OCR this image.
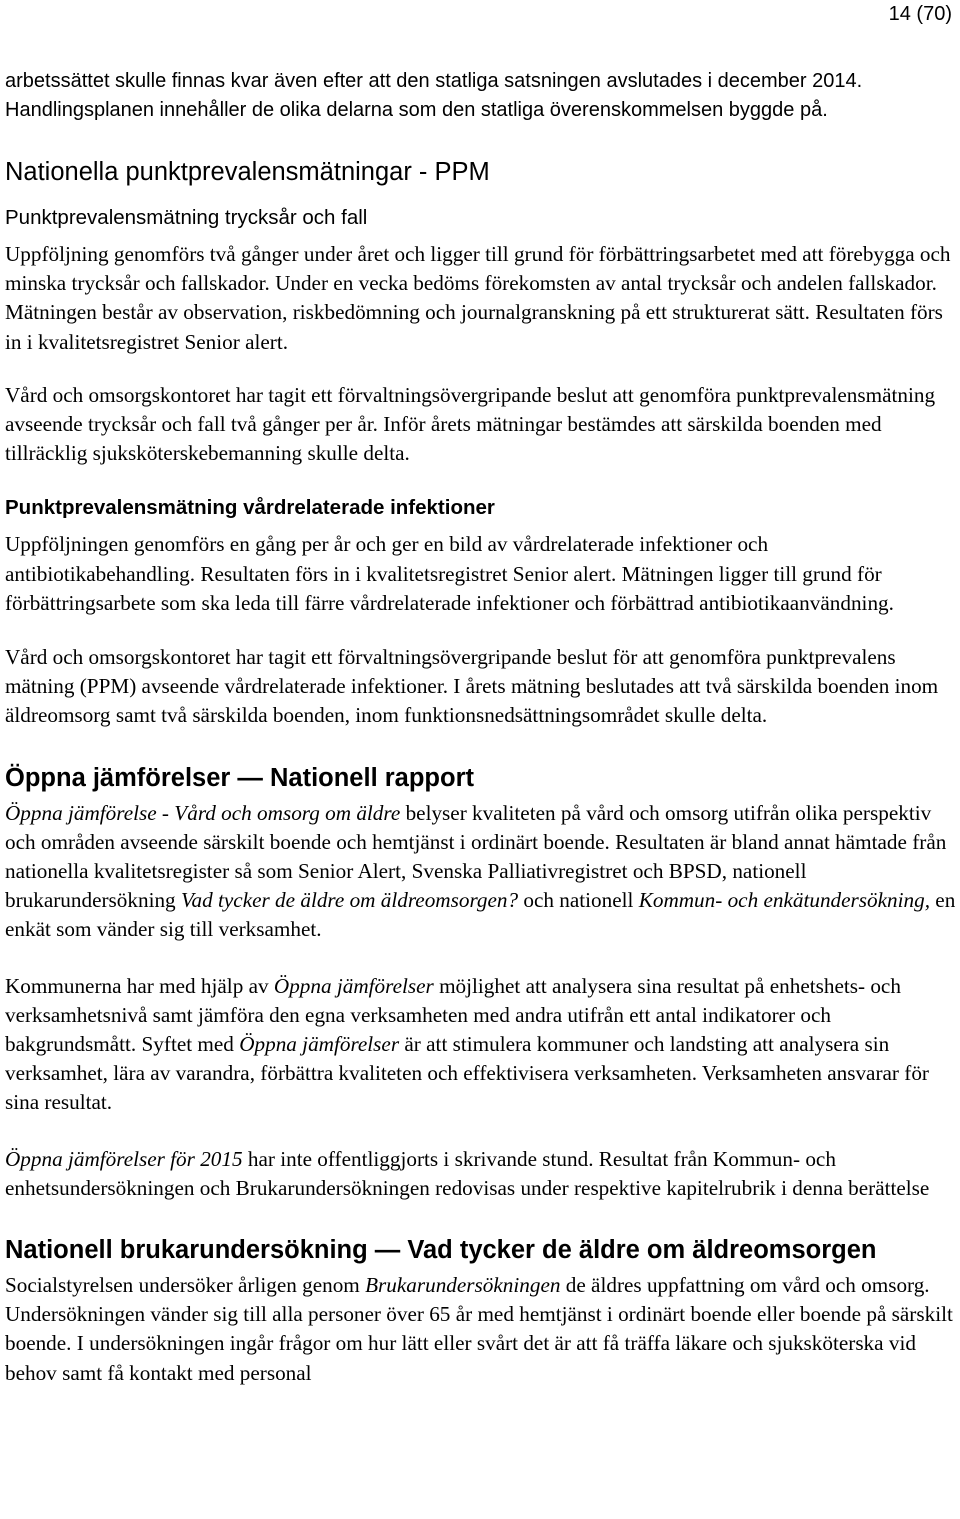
14 (70)

arbetssättet skulle finnas kvar även efter att den statliga satsningen avslutades i december 2014. Handlingsplanen innehåller de olika delarna som den statliga överenskommelsen byggde på.

Nationella punktprevalensmätningar - PPM
Punktprevalensmätning trycksår och fall

Uppföljning genomförs två gånger under året och ligger till grund för förbättringsarbetet med att förebygga och minska trycksår och fallskador. Under en vecka bedöms förekomsten av antal trycksår och andelen fallskador. Mätningen består av observation, riskbedömning och journalgranskning på ett strukturerat sätt. Resultaten förs in i kvalitetsregistret Senior alert.

Vård och omsorgskontoret har tagit ett förvaltningsövergripande beslut att genomföra punktprevalensmätning avseende trycksår och fall två gånger per år. Inför årets mätningar bestämdes att särskilda boenden med tillräcklig sjuksköterskebemanning skulle delta.

Punktprevalensmätning vårdrelaterade infektioner

Uppföljningen genomförs en gång per år och ger en bild av vårdrelaterade infektioner och antibiotikabehandling. Resultaten förs in i kvalitetsregistret Senior alert. Mätningen ligger till grund för förbättringsarbete som ska leda till färre vårdrelaterade infektioner och förbättrad antibiotikaanvändning.

Vård och omsorgskontoret har tagit ett förvaltningsövergripande beslut för att genomföra punktprevalens mätning (PPM) avseende vårdrelaterade infektioner. I årets mätning beslutades att två särskilda boenden inom äldreomsorg samt två särskilda boenden, inom funktionsnedsättningsområdet skulle delta.

Öppna jämförelser — Nationell rapport

Öppna jämförelse - Vård och omsorg om äldre belyser kvaliteten på vård och omsorg utifrån olika perspektiv och områden avseende särskilt boende och hemtjänst i ordinärt boende. Resultaten är bland annat hämtade från nationella kvalitetsregister så som Senior Alert, Svenska Palliativregistret och BPSD, nationell brukarundersökning Vad tycker de äldre om äldreomsorgen? och nationell Kommun- och enkätundersökning, en enkät som vänder sig till verksamhet.

Kommunerna har med hjälp av Öppna jämförelser möjlighet att analysera sina resultat på enhetshets- och verksamhetsnivå samt jämföra den egna verksamheten med andra utifrån ett antal indikatorer och bakgrundsmått. Syftet med Öppna jämförelser är att stimulera kommuner och landsting att analysera sin verksamhet, lära av varandra, förbättra kvaliteten och effektivisera verksamheten. Verksamheten ansvarar för sina resultat.

Öppna jämförelser för 2015 har inte offentliggjorts i skrivande stund. Resultat från Kommun- och enhetsundersökningen och Brukarundersökningen redovisas under respektive kapitelrubrik i denna berättelse

Nationell brukarundersökning — Vad tycker de äldre om äldreomsorgen

Socialstyrelsen undersöker årligen genom Brukarundersökningen de äldres uppfattning om vård och omsorg. Undersökningen vänder sig till alla personer över 65 år med hemtjänst i ordinärt boende eller boende på särskilt boende. I undersökningen ingår frågor om hur lätt eller svårt det är att få träffa läkare och sjuksköterska vid behov samt få kontakt med personal
